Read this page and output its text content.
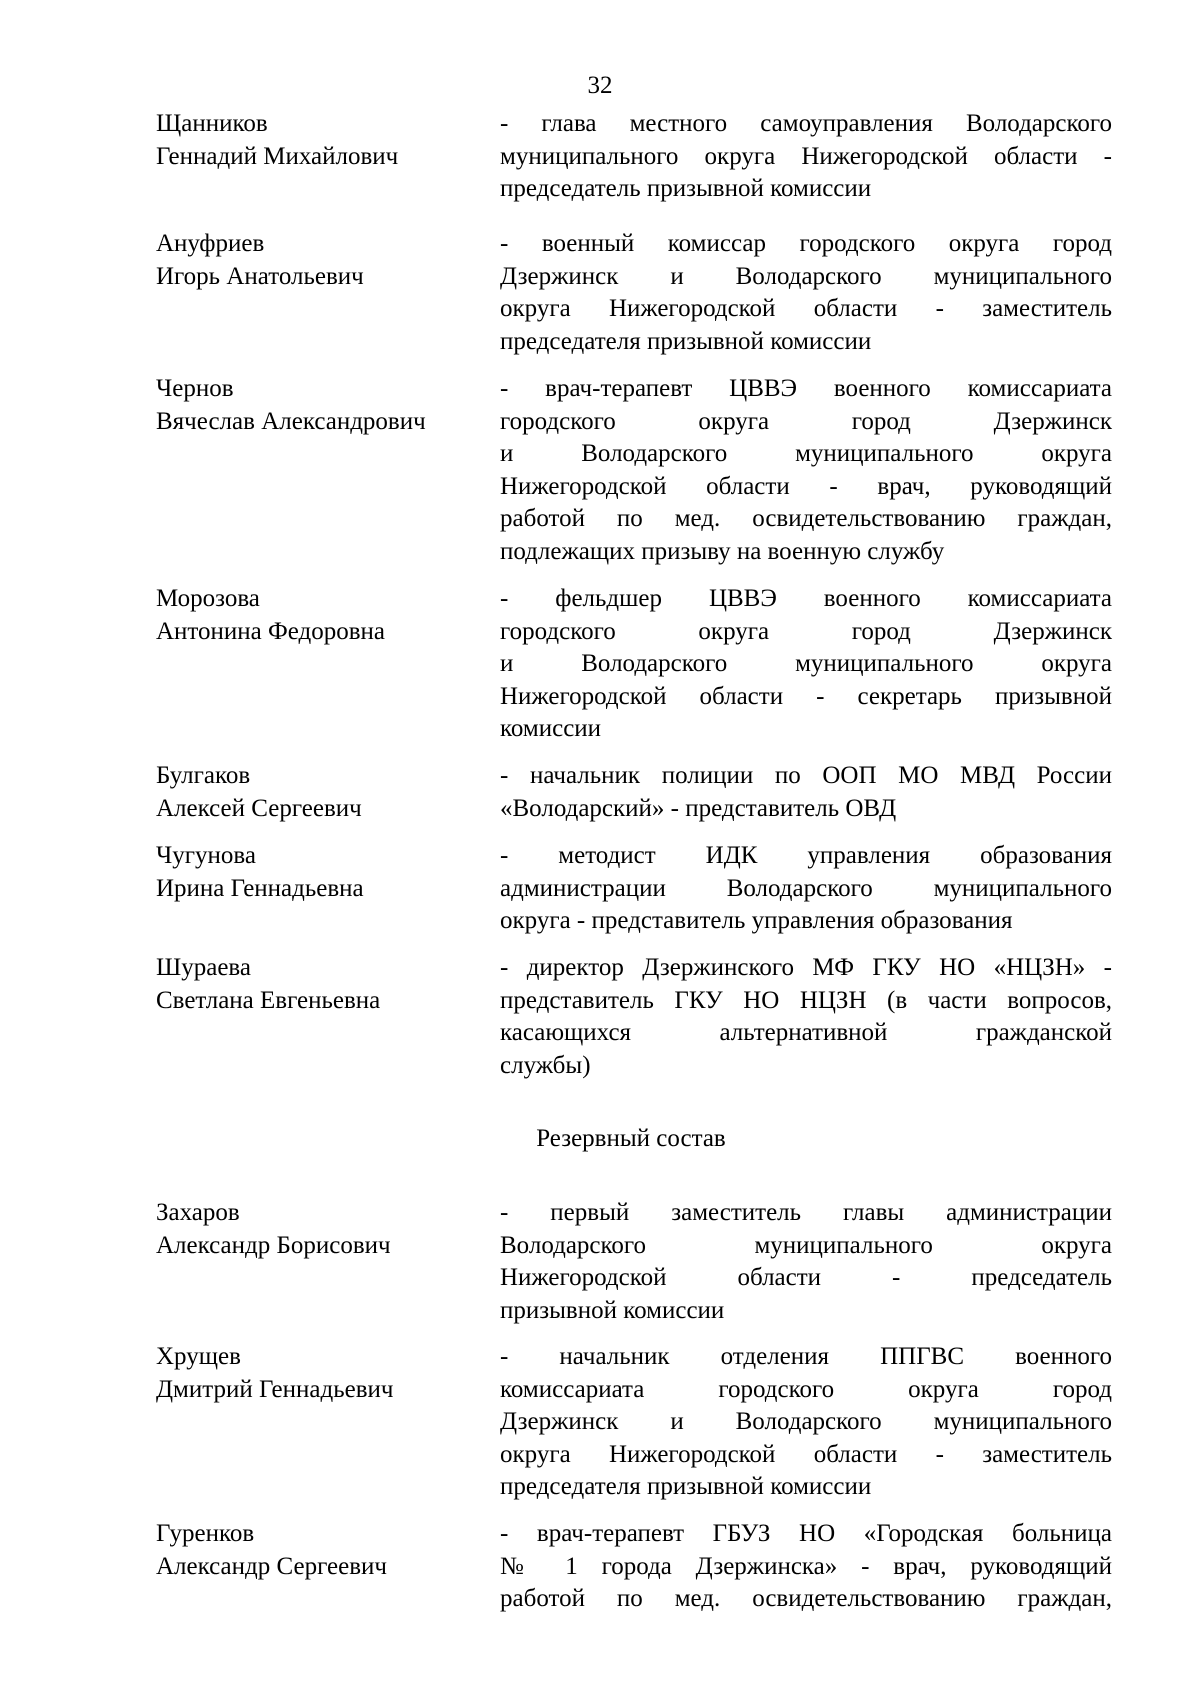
32
Щанников
Геннадий Михайлович
- глава местного самоуправления Володарского
муниципального округа Нижегородской области -
председатель призывной комиссии
Ануфриев
Игорь Анатольевич
- военный комиссар городского округа город
Дзержинск и Володарского муниципального
округа Нижегородской области - заместитель
председателя призывной комиссии
Чернов
Вячеслав Александрович
- врач-терапевт ЦВВЭ военного комиссариата
городского округа город Дзержинск
и Володарского муниципального округа
Нижегородской области - врач, руководящий
работой по мед. освидетельствованию граждан,
подлежащих призыву на военную службу
Морозова
Антонина Федоровна
- фельдшер ЦВВЭ военного комиссариата
городского округа город Дзержинск
и Володарского муниципального округа
Нижегородской области - секретарь призывной
комиссии
Булгаков
Алексей Сергеевич
- начальник полиции по ООП МО МВД России
«Володарский» - представитель ОВД
Чугунова
Ирина Геннадьевна
- методист ИДК управления образования
администрации Володарского муниципального
округа - представитель управления образования
Шураева
Светлана Евгеньевна
- директор Дзержинского МФ ГКУ НО «НЦЗН» -
представитель ГКУ НО НЦЗН (в части вопросов,
касающихся альтернативной гражданской
службы)
Резервный состав
Захаров
Александр Борисович
- первый заместитель главы администрации
Володарского муниципального округа
Нижегородской области - председатель
призывной комиссии
Хрущев
Дмитрий Геннадьевич
- начальник отделения ППГВС военного
комиссариата городского округа город
Дзержинск и Володарского муниципального
округа Нижегородской области - заместитель
председателя призывной комиссии
Гуренков
Александр Сергеевич
- врач-терапевт ГБУЗ НО «Городская больница
№ 1 города Дзержинска» - врач, руководящий
работой по мед. освидетельствованию граждан,
